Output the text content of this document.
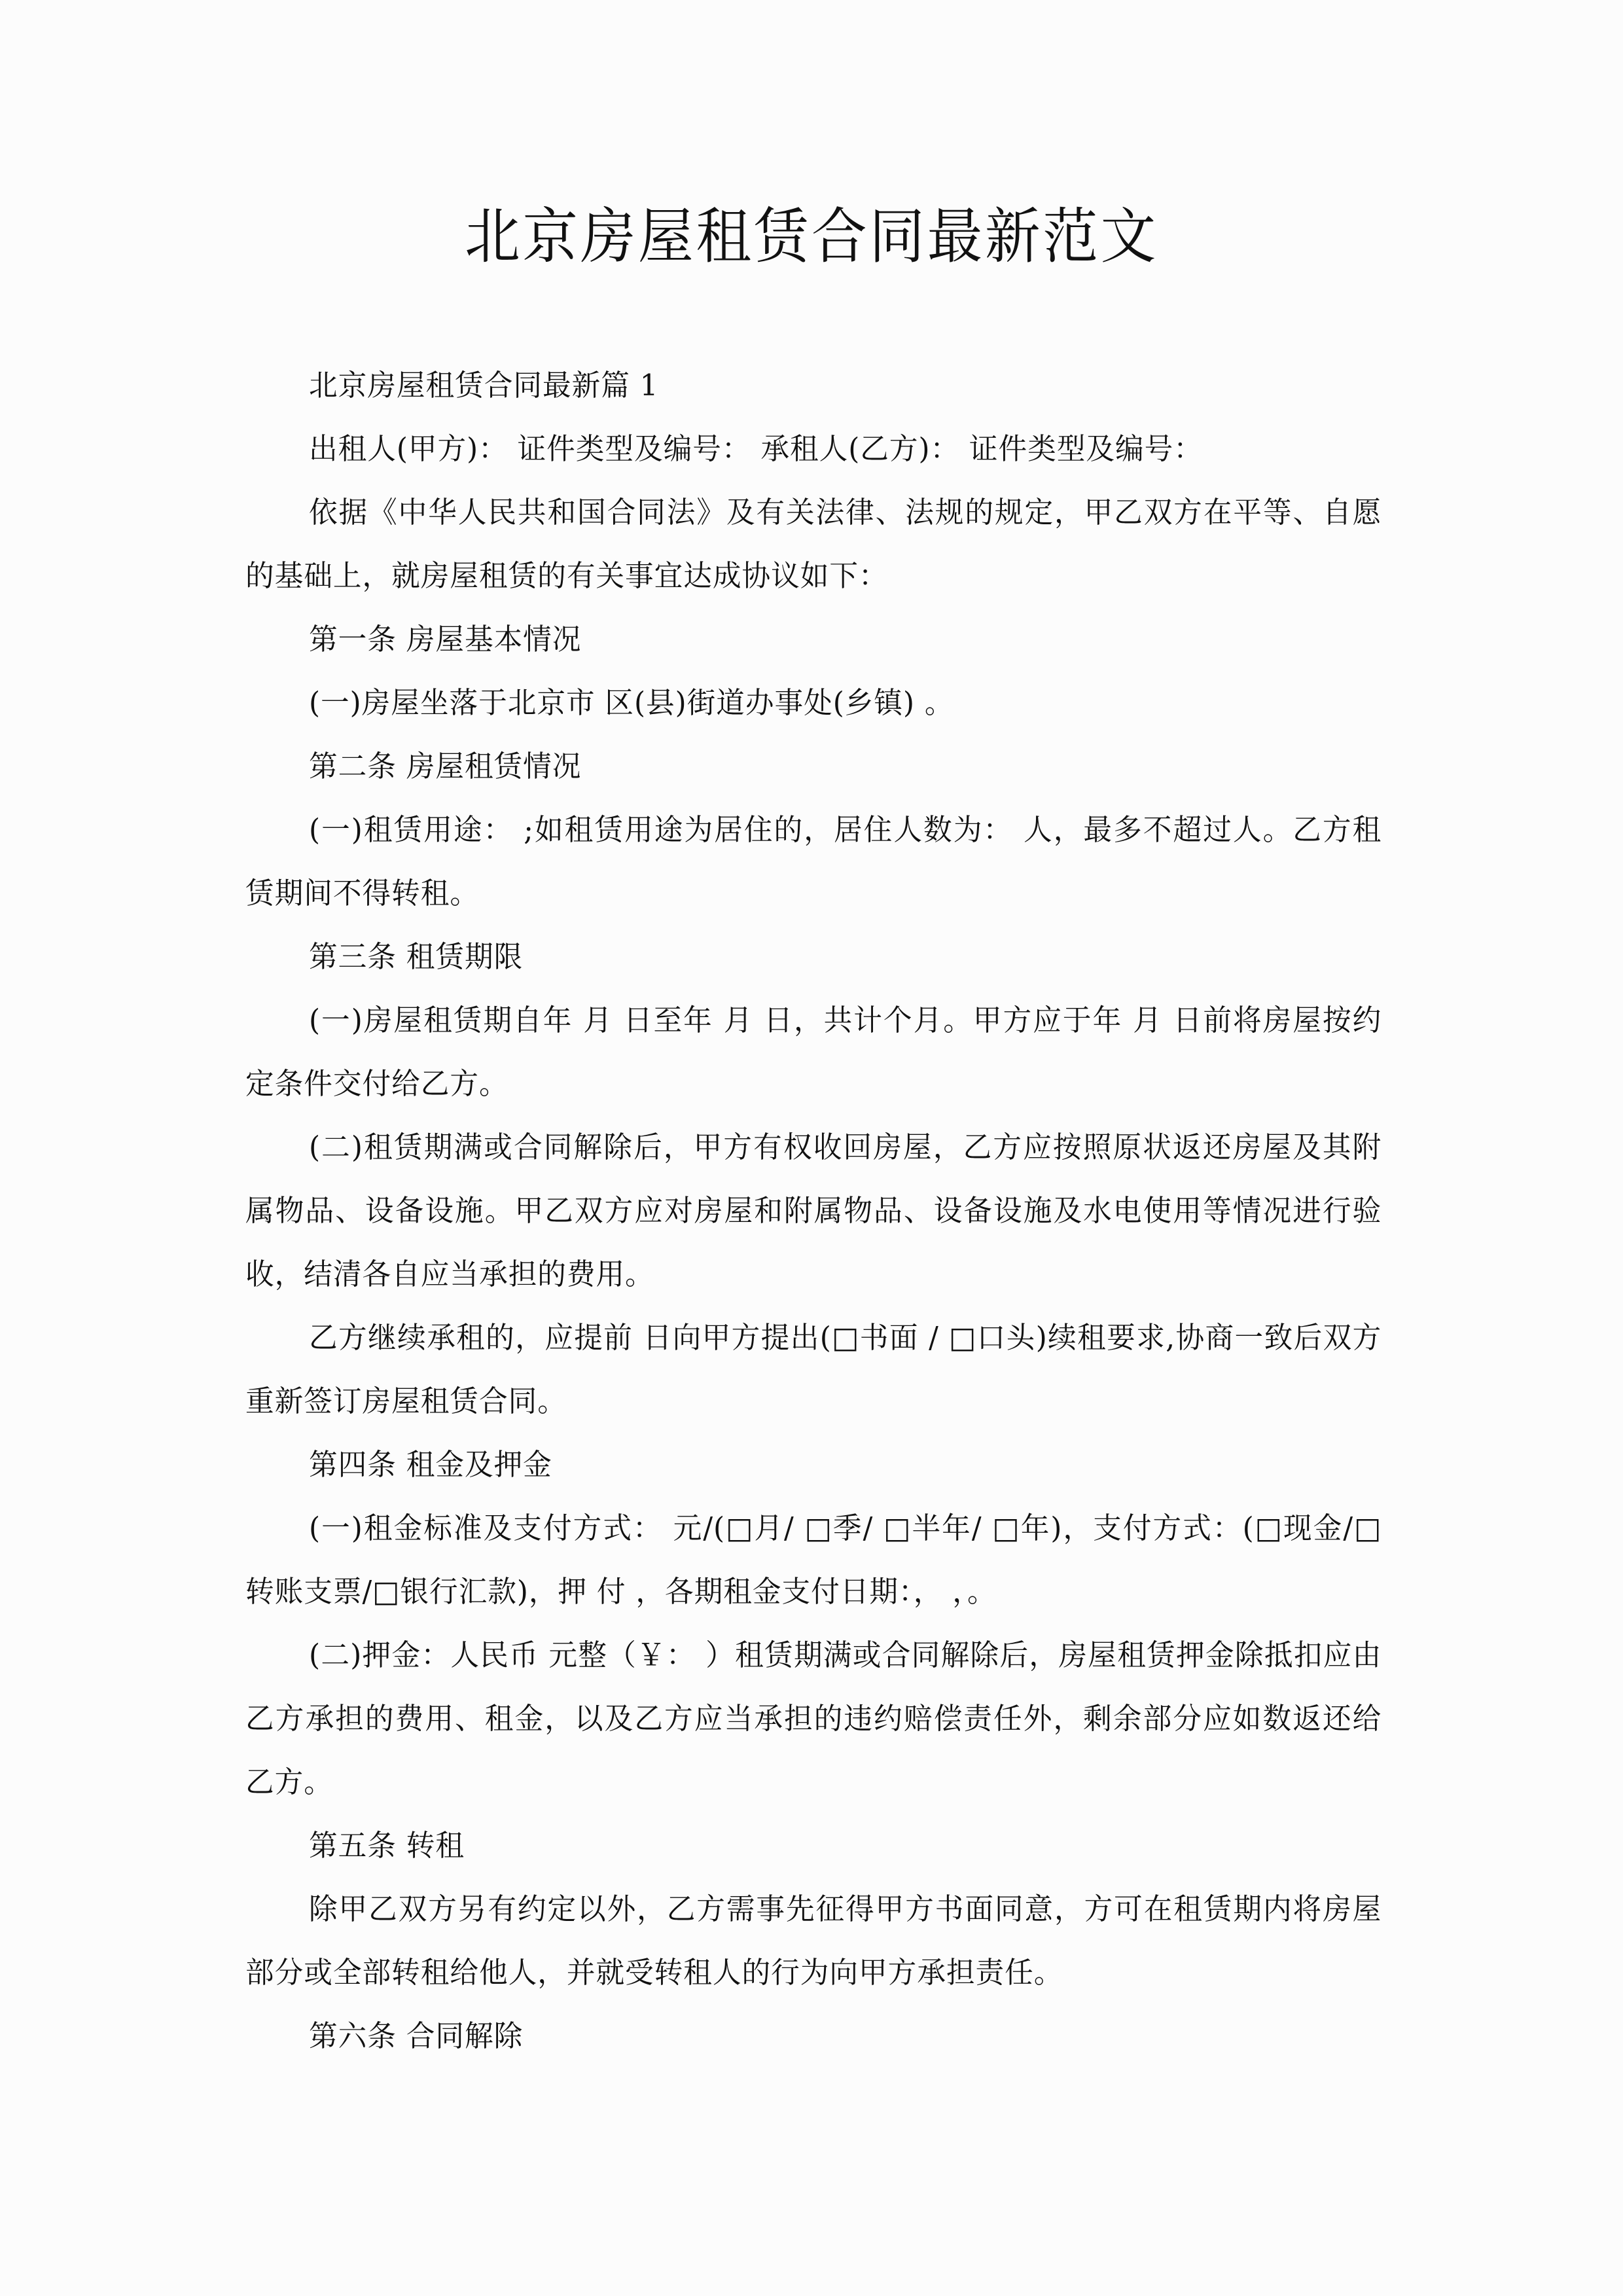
北京房屋租赁合同最新范文

北京房屋租赁合同最新篇 1

出租人(甲方)： 证件类型及编号： 承租人(乙方)： 证件类型及编号：

依据《中华人民共和国合同法》及有关法律、法规的规定，甲乙双方在平等、自愿的基础上，就房屋租赁的有关事宜达成协议如下：

第一条 房屋基本情况

(一)房屋坐落于北京市 区(县)街道办事处(乡镇) 。

第二条 房屋租赁情况

(一)租赁用途： ;如租赁用途为居住的，居住人数为： 人，最多不超过人。乙方租赁期间不得转租。

第三条 租赁期限

(一)房屋租赁期自年 月 日至年 月 日，共计个月。甲方应于年 月 日前将房屋按约定条件交付给乙方。

(二)租赁期满或合同解除后，甲方有权收回房屋，乙方应按照原状返还房屋及其附属物品、设备设施。甲乙双方应对房屋和附属物品、设备设施及水电使用等情况进行验收，结清各自应当承担的费用。

乙方继续承租的，应提前 日向甲方提出(□书面 / □口头)续租要求,协商一致后双方重新签订房屋租赁合同。

第四条 租金及押金

(一)租金标准及支付方式： 元/(□月/ □季/ □半年/ □年)，支付方式：(□现金/□转账支票/□银行汇款)，押 付 ，各期租金支付日期：， ，。

(二)押金：人民币 元整（￥： ）租赁期满或合同解除后，房屋租赁押金除抵扣应由乙方承担的费用、租金，以及乙方应当承担的违约赔偿责任外，剩余部分应如数返还给乙方。

第五条 转租

除甲乙双方另有约定以外，乙方需事先征得甲方书面同意，方可在租赁期内将房屋部分或全部转租给他人，并就受转租人的行为向甲方承担责任。

第六条 合同解除
